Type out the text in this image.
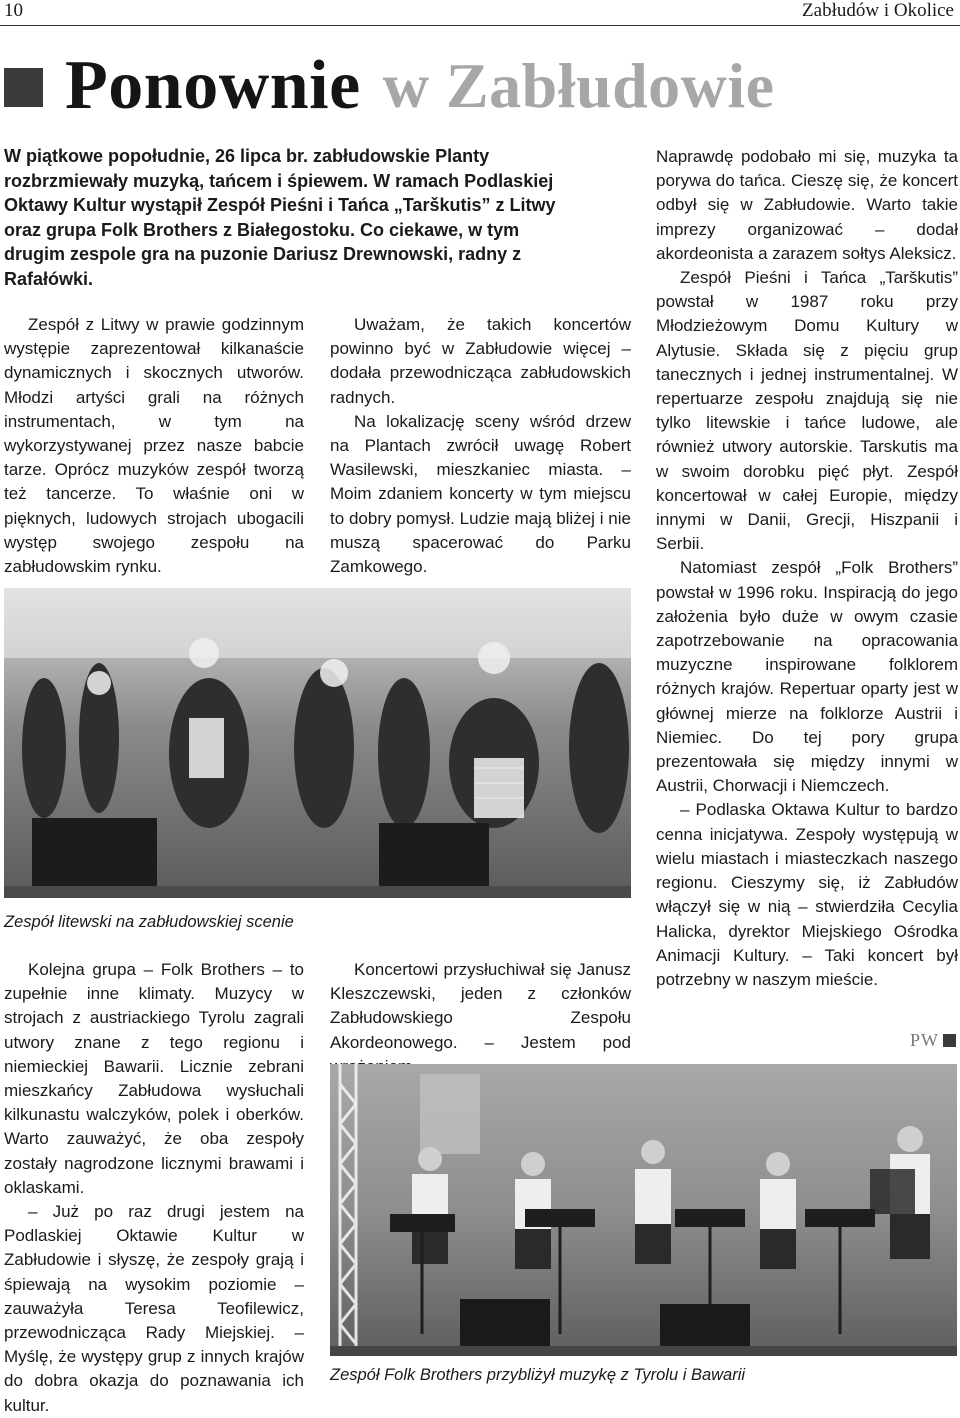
10	Zabłudów i Okolice
Ponownie w Zabłudowie

W piątkowe popołudnie, 26 lipca br. zabłudowskie Planty rozbrzmiewały muzyką, tańcem i śpiewem. W ramach Podlaskiej Oktawy Kultur wystąpił Zespół Pieśni i Tańca „Tarškutis” z Litwy oraz grupa Folk Brothers z Białegostoku. Co ciekawe, w tym drugim zespole gra na puzonie Dariusz Drewnowski, radny z Rafałówki.

Zespół z Litwy w prawie godzinnym występie zaprezentował kilkanaście dynamicznych i skocznych utworów. Młodzi artyści grali na różnych instrumentach, w tym na wykorzystywanej przez nasze babcie tarze. Oprócz muzyków zespół tworzą też tancerze. To właśnie oni w pięknych, ludowych strojach ubogacili występ swojego zespołu na zabłudowskim rynku.

Uważam, że takich koncertów powinno być w Zabłudowie więcej – dodała przewodnicząca zabłudowskich radnych.

Na lokalizację sceny wśród drzew na Plantach zwrócił uwagę Robert Wasilewski, mieszkaniec miasta. – Moim zdaniem koncerty w tym miejscu to dobry pomysł. Ludzie mają bliżej i nie muszą spacerować do Parku Zamkowego.

Naprawdę podobało mi się, muzyka ta porywa do tańca. Cieszę się, że koncert odbył się w Zabłudowie. Warto takie imprezy organizować – dodał akordeonista a zarazem sołtys Aleksicz.

Zespół Pieśni i Tańca „Tarškutis” powstał w 1987 roku przy Młodzieżowym Domu Kultury w Alytusie. Składa się z pięciu grup tanecznych i jednej instrumentalnej. W repertuarze zespołu znajdują się nie tylko litewskie i tańce ludowe, ale również utwory autorskie. Tarskutis ma w swoim dorobku pięć płyt. Zespół koncertował w całej Europie, między innymi w Danii, Grecji, Hiszpanii i Serbii.

Natomiast zespół „Folk Brothers” powstał w 1996 roku. Inspiracją do jego założenia było duże w owym czasie zapotrzebowanie na opracowania muzyczne inspirowane folklorem różnych krajów. Repertuar oparty jest w głównej mierze na folklorze Austrii i Niemiec. Do tej pory grupa prezentowała się między innymi w Austrii, Chorwacji i Niemczech.

– Podlaska Oktawa Kultur to bardzo cenna inicjatywa. Zespoły występują w wielu miastach i miasteczkach naszego regionu. Cieszymy się, iż Zabłudów włączył się w nią – stwierdziła Cecylia Halicka, dyrektor Miejskiego Ośrodka Animacji Kultury. – Taki koncert był potrzebny w naszym mieście.

Zespół litewski na zabłudowskiej scenie

Kolejna grupa – Folk Brothers – to zupełnie inne klimaty. Muzycy w strojach z austriackiego Tyrolu zagrali utwory znane z tego regionu i niemieckiej Bawarii. Licznie zebrani mieszkańcy Zabłudowa wysłuchali kilkunastu walczyków, polek i oberków. Warto zauważyć, że oba zespoły zostały nagrodzone licznymi brawami i oklaskami.

– Już po raz drugi jestem na Podlaskiej Oktawie Kultur w Zabłudowie i słyszę, że zespoły grają i śpiewają na wysokim poziomie – zauważyła Teresa Teofilewicz, przewodnicząca Rady Miejskiej. – Myślę, że występy grup z innych krajów do dobra okazja do poznawania ich kultur.

Koncertowi przysłuchiwał się Janusz Kleszczewski, jeden z członków Zabłudowskiego Zespołu Akordeonowego. – Jestem pod	PW
Zespół Folk Brothers przybliżył muzykę z Tyrolu i Bawarii
